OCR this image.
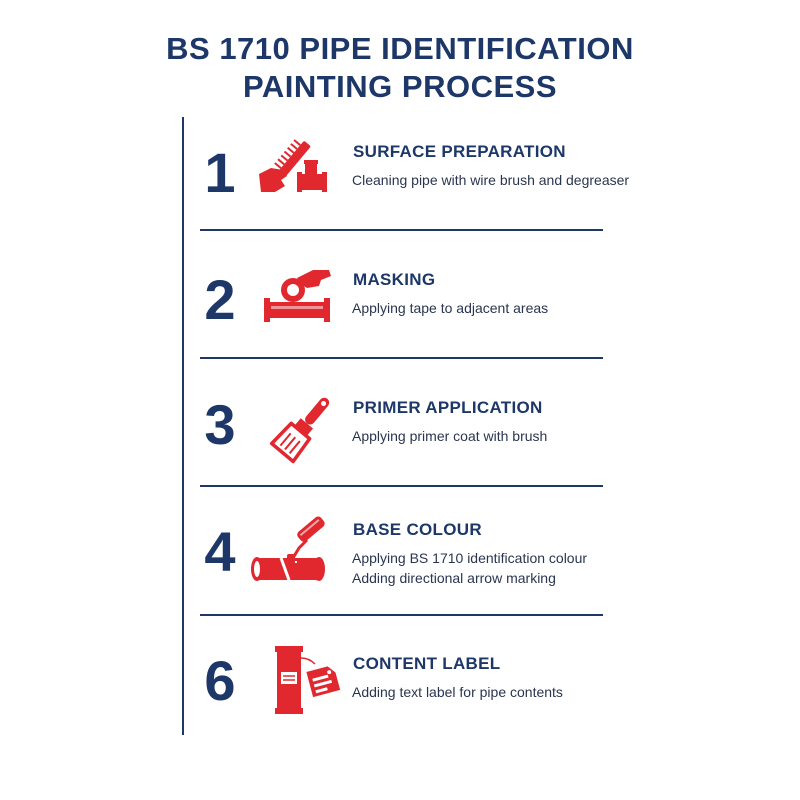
BS 1710 PIPE IDENTIFICATION
PAINTING PROCESS
1	SURFACE PREPARATION
Cleaning pipe with wire brush and degreaser
2	MASKING
Applying tape to adjacent areas
3	PRIMER APPLICATION
Applying primer coat with brush
4	BASE COLOUR
Applying BS 1710 identification colour
Adding directional arrow marking
6	CONTENT LABEL
Adding text label for pipe contents
